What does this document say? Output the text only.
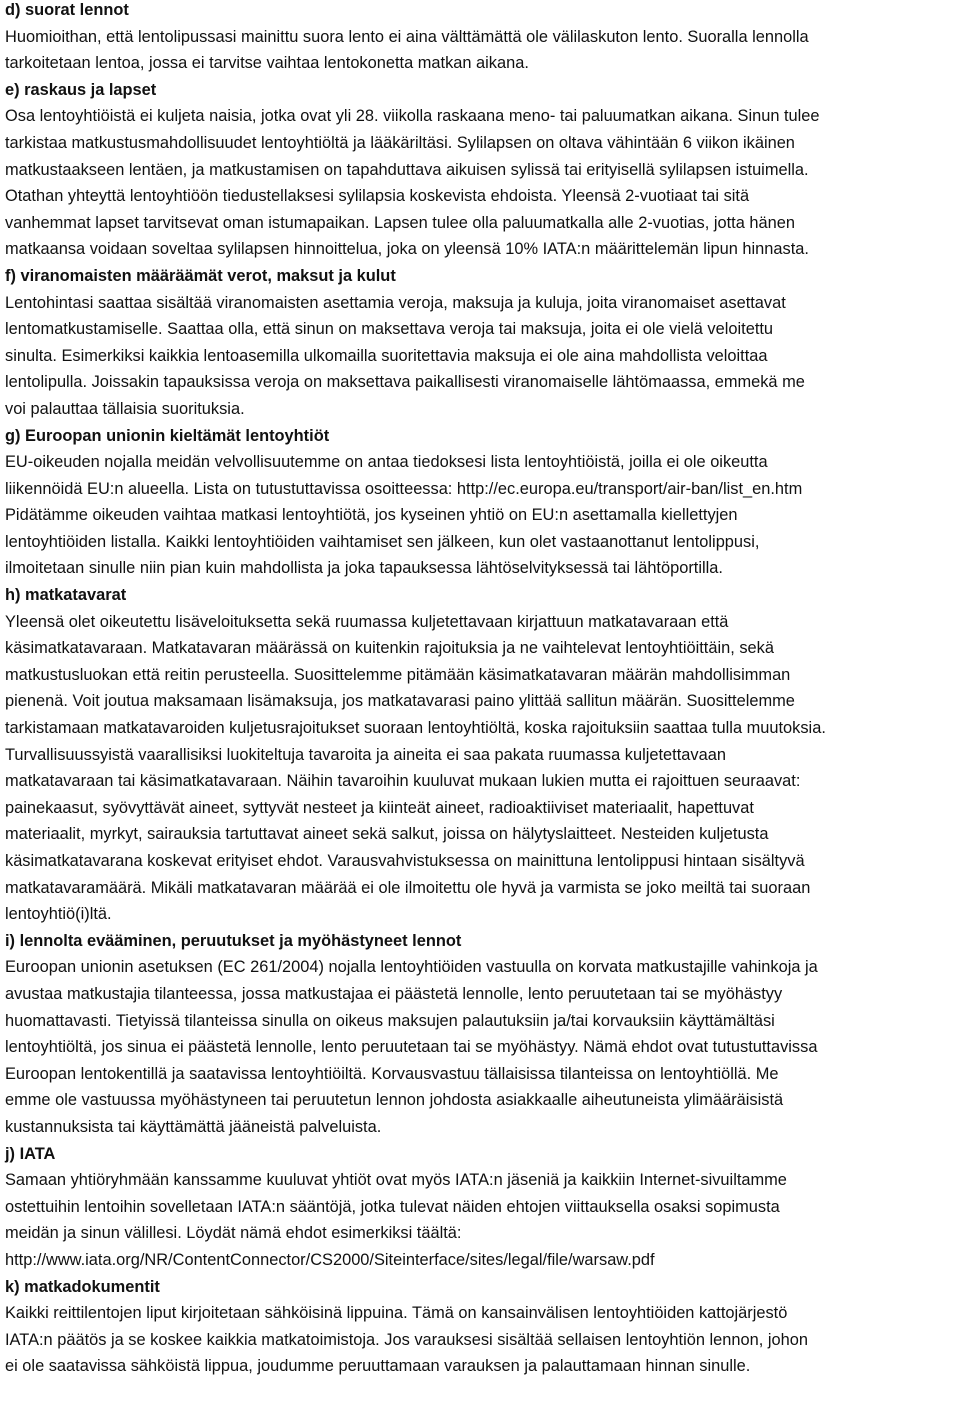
d) suorat lennot

Huomioithan, että lentolipussasi mainittu suora lento ei aina välttämättä ole välilaskuton lento. Suoralla lennolla
tarkoitetaan lentoa, jossa ei tarvitse vaihtaa lentokonetta matkan aikana.

e) raskaus ja lapset

Osa lentoyhtiöistä ei kuljeta naisia, jotka ovat yli 28. viikolla raskaana meno- tai paluumatkan aikana. Sinun tulee
tarkistaa matkustusmahdollisuudet lentoyhtiöltä ja lääkäriltäsi. Sylilapsen on oltava vähintään 6 viikon ikäinen
matkustaakseen lentäen, ja matkustamisen on tapahduttava aikuisen sylissä tai erityisellä sylilapsen istuimella.
Otathan yhteyttä lentoyhtiöön tiedustellaksesi sylilapsia koskevista ehdoista. Yleensä 2-vuotiaat tai sitä
vanhemmat lapset tarvitsevat oman istumapaikan. Lapsen tulee olla paluumatkalla alle 2-vuotias, jotta hänen
matkaansa voidaan soveltaa sylilapsen hinnoittelua, joka on yleensä 10% IATA:n määrittelemän lipun hinnasta.

f) viranomaisten määräämät verot, maksut ja kulut

Lentohintasi saattaa sisältää viranomaisten asettamia veroja, maksuja ja kuluja, joita viranomaiset asettavat
lentomatkustamiselle. Saattaa olla, että sinun on maksettava veroja tai maksuja, joita ei ole vielä veloitettu
sinulta. Esimerkiksi kaikkia lentoasemilla ulkomailla suoritettavia maksuja ei ole aina mahdollista veloittaa
lentolipulla. Joissakin tapauksissa veroja on maksettava paikallisesti viranomaiselle lähtömaassa, emmekä me
voi palauttaa tällaisia suorituksia.

g) Euroopan unionin kieltämät lentoyhtiöt

EU-oikeuden nojalla meidän velvollisuutemme on antaa tiedoksesi lista lentoyhtiöistä, joilla ei ole oikeutta
liikennöidä EU:n alueella. Lista on tutustuttavissa osoitteessa: http://ec.europa.eu/transport/air-ban/list_en.htm
Pidätämme oikeuden vaihtaa matkasi lentoyhtiötä, jos kyseinen yhtiö on EU:n asettamalla kiellettyjen
lentoyhtiöiden listalla. Kaikki lentoyhtiöiden vaihtamiset sen jälkeen, kun olet vastaanottanut lentolippusi,
ilmoitetaan sinulle niin pian kuin mahdollista ja joka tapauksessa lähtöselvityksessä tai lähtöportilla.

h) matkatavarat

Yleensä olet oikeutettu lisäveloituksetta sekä ruumassa kuljetettavaan kirjattuun matkatavaraan että
käsimatkatavaraan. Matkatavaran määrässä on kuitenkin rajoituksia ja ne vaihtelevat lentoyhtiöittäin, sekä
matkustusluokan että reitin perusteella. Suosittelemme pitämään käsimatkatavaran määrän mahdollisimman
pienenä. Voit joutua maksamaan lisämaksuja, jos matkatavarasi paino ylittää sallitun määrän. Suosittelemme
tarkistamaan matkatavaroiden kuljetusrajoitukset suoraan lentoyhtiöltä, koska rajoituksiin saattaa tulla muutoksia.
Turvallisuussyistä vaarallisiksi luokiteltuja tavaroita ja aineita ei saa pakata ruumassa kuljetettavaan
matkatavaraan tai käsimatkatavaraan. Näihin tavaroihin kuuluvat mukaan lukien mutta ei rajoittuen seuraavat:
painekaasut, syövyttävät aineet, syttyvät nesteet ja kiinteät aineet, radioaktiiviset materiaalit, hapettuvat
materiaalit, myrkyt, sairauksia tartuttavat aineet sekä salkut, joissa on hälytyslaitteet. Nesteiden kuljetusta
käsimatkatavarana koskevat erityiset ehdot. Varausvahvistuksessa on mainittuna lentolippusi hintaan sisältyvä
matkatavaramäärä. Mikäli matkatavaran määrää ei ole ilmoitettu ole hyvä ja varmista se joko meiltä tai suoraan
lentoyhtiö(i)ltä.

i) lennolta evääminen, peruutukset ja myöhästyneet lennot

Euroopan unionin asetuksen (EC 261/2004) nojalla lentoyhtiöiden vastuulla on korvata matkustajille vahinkoja ja
avustaa matkustajia tilanteessa, jossa matkustajaa ei päästetä lennolle, lento peruutetaan tai se myöhästyy
huomattavasti. Tietyissä tilanteissa sinulla on oikeus maksujen palautuksiin ja/tai korvauksiin käyttämältäsi
lentoyhtiöltä, jos sinua ei päästetä lennolle, lento peruutetaan tai se myöhästyy. Nämä ehdot ovat tutustuttavissa
Euroopan lentokentillä ja saatavissa lentoyhtiöiltä. Korvausvastuu tällaisissa tilanteissa on lentoyhtiöllä. Me
emme ole vastuussa myöhästyneen tai peruutetun lennon johdosta asiakkaalle aiheutuneista ylimääräisistä
kustannuksista tai käyttämättä jääneistä palveluista.

j) IATA

Samaan yhtiöryhmään kanssamme kuuluvat yhtiöt ovat myös IATA:n jäseniä ja kaikkiin Internet-sivuiltamme
ostettuihin lentoihin sovelletaan IATA:n sääntöjä, jotka tulevat näiden ehtojen viittauksella osaksi sopimusta
meidän ja sinun välillesi. Löydät nämä ehdot esimerkiksi täältä:
http://www.iata.org/NR/ContentConnector/CS2000/Siteinterface/sites/legal/file/warsaw.pdf

k) matkadokumentit

Kaikki reittilentojen liput kirjoitetaan sähköisinä lippuina. Tämä on kansainvälisen lentoyhtiöiden kattojärjestö
IATA:n päätös ja se koskee kaikkia matkatoimistoja. Jos varauksesi sisältää sellaisen lentoyhtiön lennon, johon
ei ole saatavissa sähköistä lippua, joudumme peruuttamaan varauksen ja palauttamaan hinnan sinulle.
